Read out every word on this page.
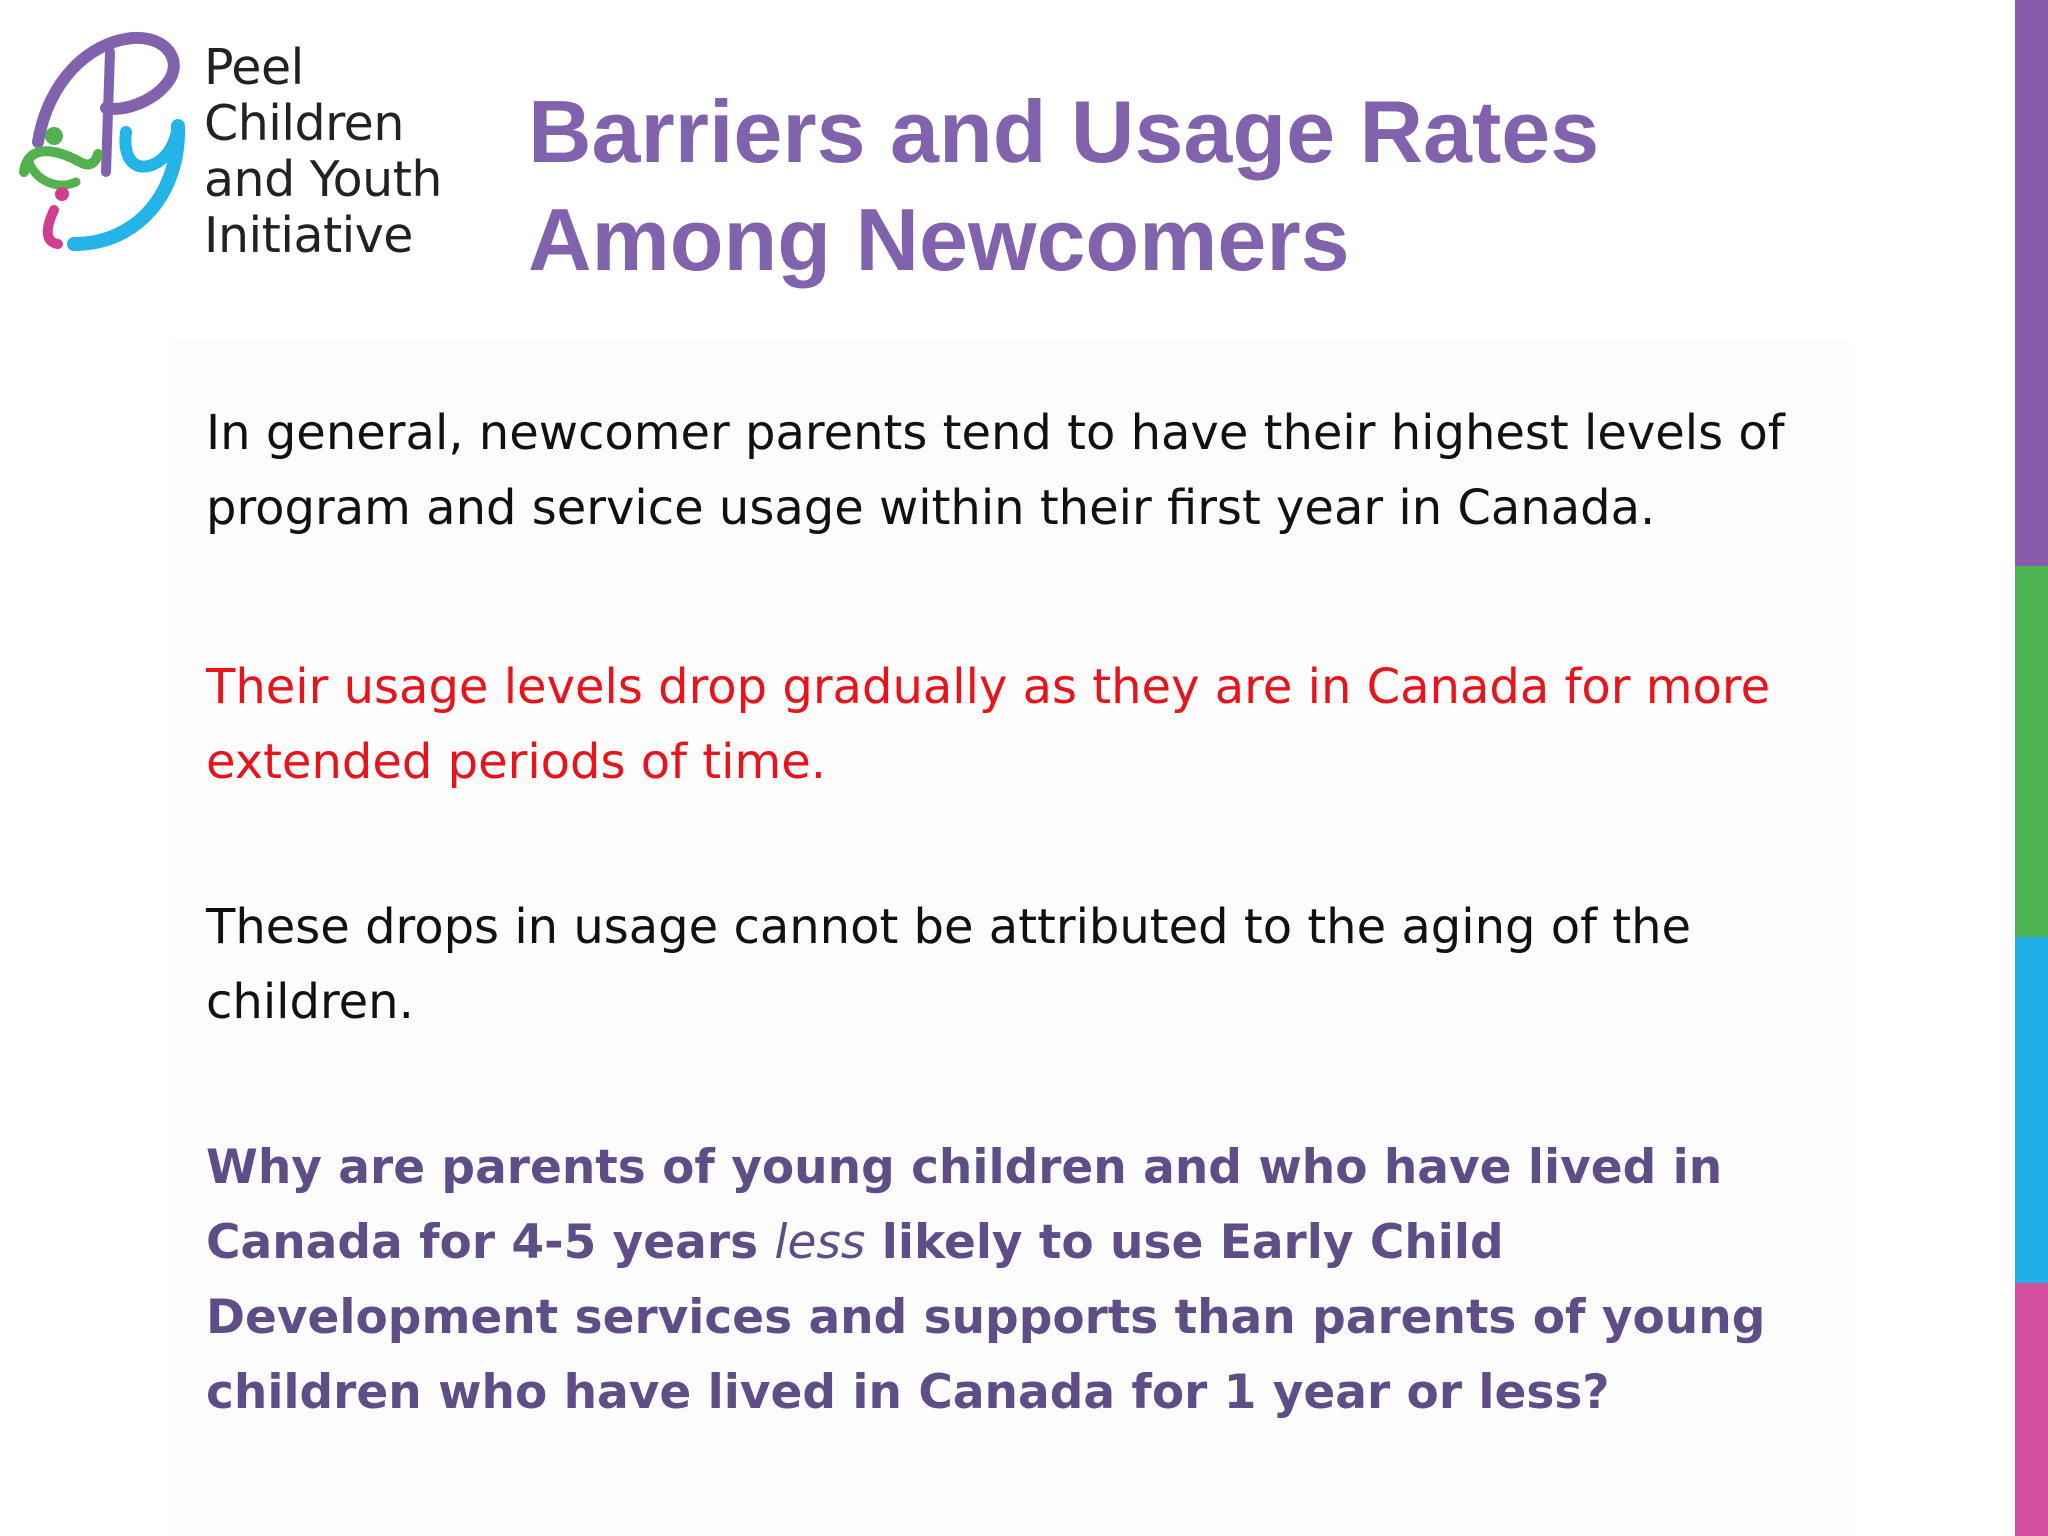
Peel
Children
and Youth
Initiative
Barriers and Usage Rates
Among Newcomers

In general, newcomer parents tend to have their highest levels of program and service usage within their first year in Canada.

Their usage levels drop gradually as they are in Canada for more extended periods of time.

These drops in usage cannot be attributed to the aging of the children.

Why are parents of young children and who have lived in Canada for 4-5 years less likely to use Early Child Development services and supports than parents of young children who have lived in Canada for 1 year or less?
